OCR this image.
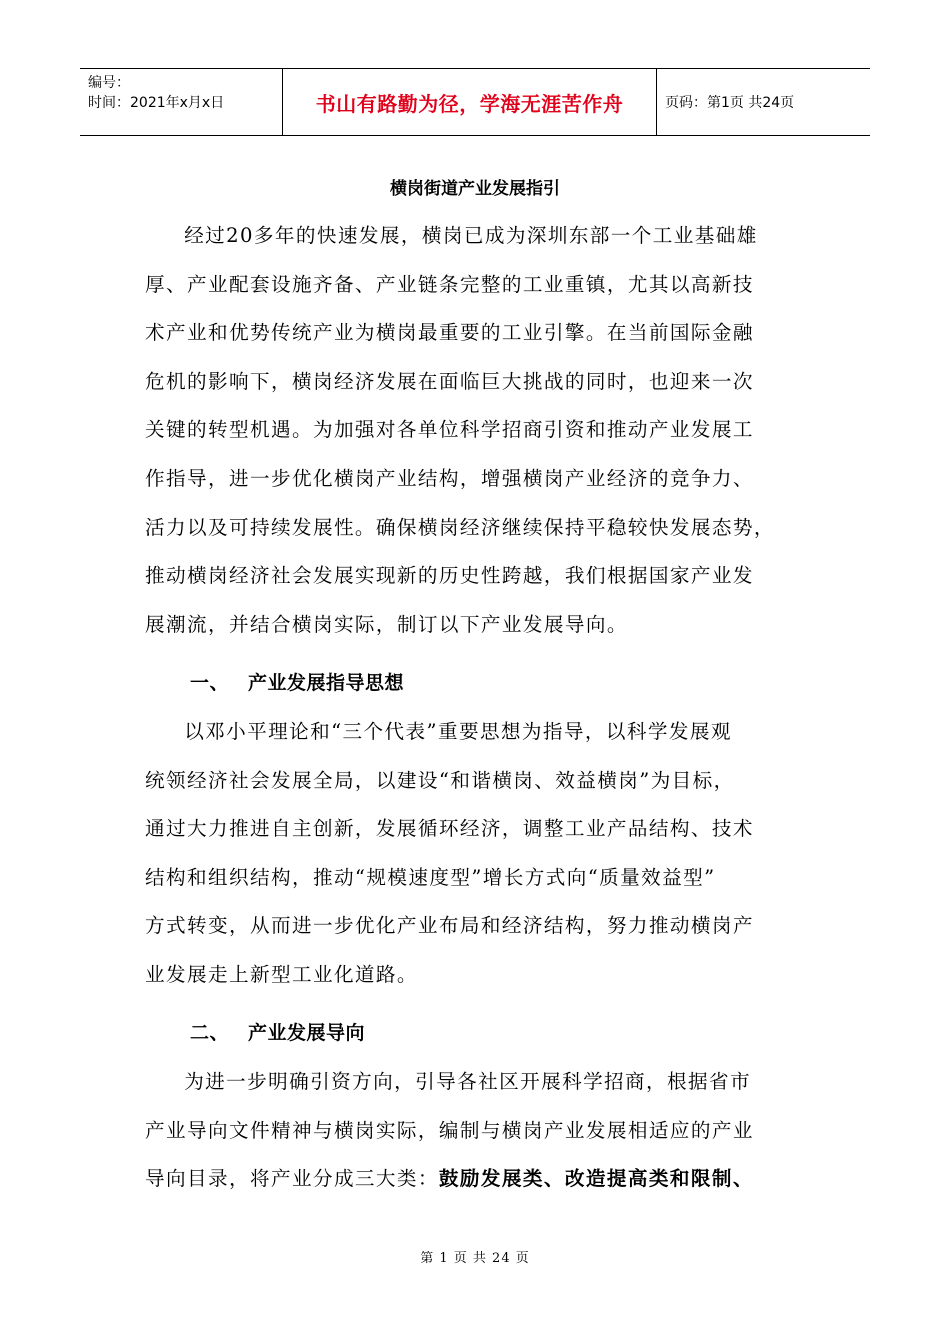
编号：
时间：2021年x月x日	书山有路勤为径，学海无涯苦作舟	页码：第1页 共24页
横岗街道产业发展指引
经过20多年的快速发展，横岗已成为深圳东部一个工业基础雄
厚、产业配套设施齐备、产业链条完整的工业重镇，尤其以高新技
术产业和优势传统产业为横岗最重要的工业引擎。在当前国际金融
危机的影响下，横岗经济发展在面临巨大挑战的同时，也迎来一次
关键的转型机遇。为加强对各单位科学招商引资和推动产业发展工
作指导，进一步优化横岗产业结构，增强横岗产业经济的竞争力、
活力以及可持续发展性。确保横岗经济继续保持平稳较快发展态势，
推动横岗经济社会发展实现新的历史性跨越，我们根据国家产业发
展潮流，并结合横岗实际，制订以下产业发展导向。
一、 产业发展指导思想
以邓小平理论和“三个代表”重要思想为指导，以科学发展观
统领经济社会发展全局，以建设“和谐横岗、效益横岗”为目标，
通过大力推进自主创新，发展循环经济，调整工业产品结构、技术
结构和组织结构，推动“规模速度型”增长方式向“质量效益型”
方式转变，从而进一步优化产业布局和经济结构，努力推动横岗产
业发展走上新型工业化道路。
二、 产业发展导向
为进一步明确引资方向，引导各社区开展科学招商，根据省市
产业导向文件精神与横岗实际，编制与横岗产业发展相适应的产业
导向目录，将产业分成三大类：鼓励发展类、改造提高类和限制、
第 1 页 共 24 页
